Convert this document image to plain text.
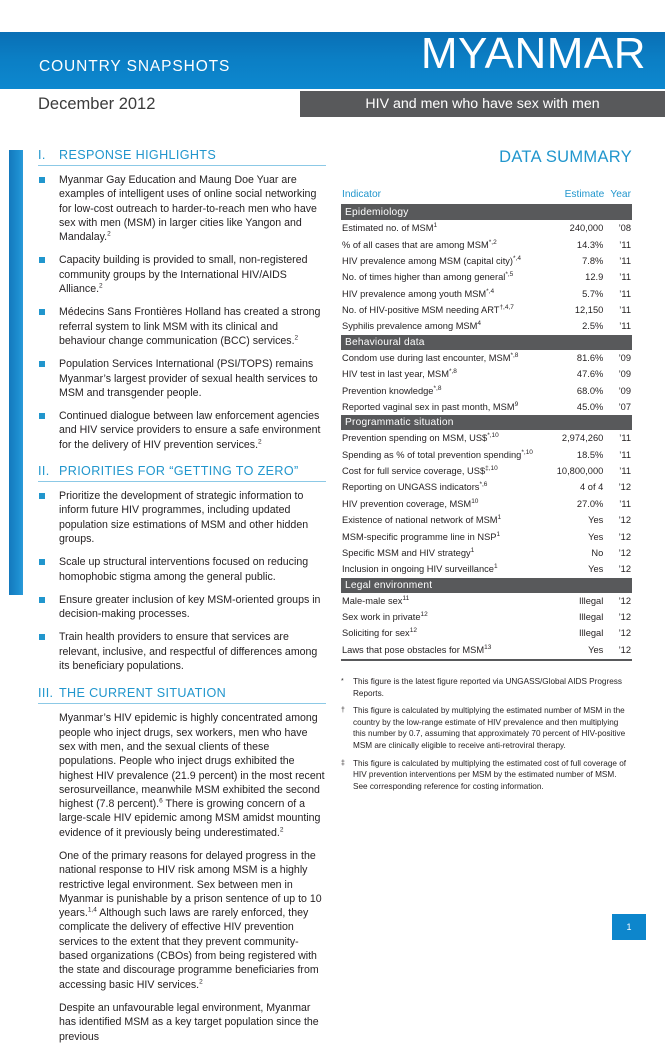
COUNTRY SNAPSHOTS	MYANMAR
December 2012	HIV and men who have sex with men
I.	RESPONSE HIGHLIGHTS
Myanmar Gay Education and Maung Doe Yuar are examples of intelligent uses of online social networking for low-cost outreach to harder-to-reach men who have sex with men (MSM) in larger cities like Yangon and Mandalay.$^2$
Capacity building is provided to small, non-registered community groups by the International HIV/AIDS Alliance.$^2$
Médecins Sans Frontières Holland has created a strong referral system to link MSM with its clinical and behaviour change communication (BCC) services.$^2$
Population Services International (PSI/TOPS) remains Myanmar’s largest provider of sexual health services to MSM and transgender people.
Continued dialogue between law enforcement agencies and HIV service providers to ensure a safe environment for the delivery of HIV prevention services.$^2$
II. PRIORITIES FOR “GETTING TO ZERO”
Prioritize the development of strategic information to inform future HIV programmes, including updated population size estimations of MSM and other hidden groups.
Scale up structural interventions focused on reducing homophobic stigma among the general public.
Ensure greater inclusion of key MSM-oriented groups in decision-making processes.
Train health providers to ensure that services are relevant, inclusive, and respectful of differences among its beneficiary populations.
III. THE CURRENT SITUATION

Myanmar’s HIV epidemic is highly concentrated among people who inject drugs, sex workers, men who have sex with men, and the sexual clients of these populations. People who inject drugs exhibited the highest HIV prevalence (21.9 percent) in the most recent serosurveillance, meanwhile MSM exhibited the second highest (7.8 percent).$^6$ There is growing concern of a large-scale HIV epidemic among MSM amidst mounting evidence of it previously being underestimated.$^2$

One of the primary reasons for delayed progress in the national response to HIV risk among MSM is a highly restrictive legal environment. Sex between men in Myanmar is punishable by a prison sentence of up to 10 years.$^{1,4}$ Although such laws are rarely enforced, they complicate the delivery of effective HIV prevention services to the extent that they prevent community-based organizations (CBOs) from being registered with the state and discourage programme beneficiaries from accessing basic HIV services.$^2$

Despite an unfavourable legal environment, Myanmar has identified MSM as a key target population since the previous

DATA SUMMARY
Indicator	Estimate	Year
Epidemiology		
Estimated no. of MSM$^1$	240,000	’08
% of all cases that are among $MSM^{*,2}$	14.3%	’11
HIV prevalence among MSM (capital city)$^{*,4}$	7.8%	’11
No. of times higher than among general$^{*,5}$	12.9	’11
HIV prevalence among youth $MSM^{*,4}$	5.7%	’11
No. of HIV-positive MSM needing $ART^{\dagger,4,7}$	12,150	’11
Syphilis prevalence among MSM$^4$	2.5%	’11
Behavioural data		
Condom use during last encounter, $MSM^{*,8}$	81.6%	’09
HIV test in last year, $MSM^{*,8}$	47.6%	’09
Prevention knowledge$^{*,8}$	68.0%	’09
Reported vaginal sex in past month, MSM$^9$	45.0%	’07
Programmatic situation		
Prevention spending on MSM, US\$$^{*,10}$	2,974,260	’11
Spending as % of total prevention spending$^{*,10}$	18.5%	’11
Cost for full service coverage, US\$$^{\ddagger,10}$	10,800,000	’11
Reporting on UNGASS indicators$^{*,6}$	4 of 4	’12
HIV prevention coverage, MSM$^{10}$	27.0%	’11
Existence of national network of MSM$^1$	Yes	’12
MSM-specific programme line in NSP$^1$	Yes	’12
Specific MSM and HIV strategy$^1$	No	’12
Inclusion in ongoing HIV surveillance$^1$	Yes	’12
Legal environment		
Male-male sex$^{11}$	Illegal	’12
Sex work in private$^{12}$	Illegal	’12
Soliciting for sex$^{12}$	Illegal	’12
Laws that pose obstacles for MSM$^{13}$	Yes	’12
* This figure is the latest figure reported via UNGASS/Global AIDS Progress Reports.
† This figure is calculated by multiplying the estimated number of MSM in the country by the low-range estimate of HIV prevalence and then multiplying this number by 0.7, assuming that approximately 70 percent of HIV-positive MSM are clinically eligible to receive anti-retroviral therapy.
‡ This figure is calculated by multiplying the estimated cost of full coverage of HIV prevention interventions per MSM by the estimated number of MSM. See corresponding reference for costing information.
1
